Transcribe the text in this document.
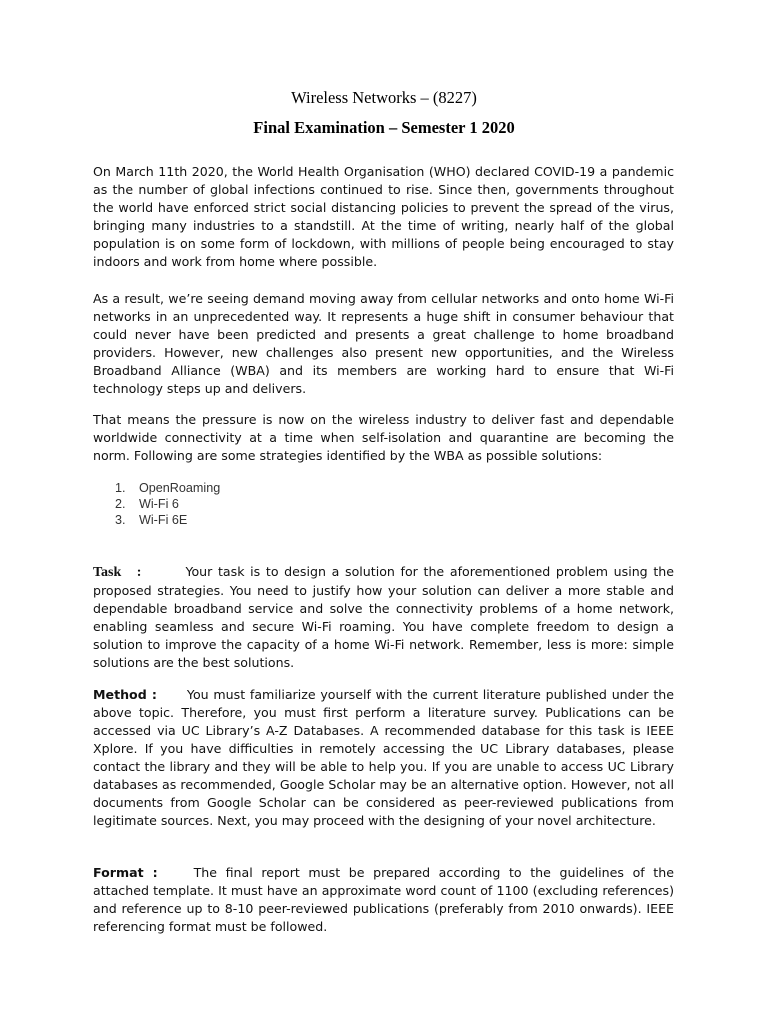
Wireless Networks – (8227)
Final Examination – Semester 1 2020

On March 11th 2020, the World Health Organisation (WHO) declared COVID-19 a pandemic as the number of global infections continued to rise. Since then, governments throughout the world have enforced strict social distancing policies to prevent the spread of the virus, bringing many industries to a standstill. At the time of writing, nearly half of the global population is on some form of lockdown, with millions of people being encouraged to stay indoors and work from home where possible.

As a result, we’re seeing demand moving away from cellular networks and onto home Wi-Fi networks in an unprecedented way. It represents a huge shift in consumer behaviour that could never have been predicted and presents a great challenge to home broadband providers. However, new challenges also present new opportunities, and the Wireless Broadband Alliance (WBA) and its members are working hard to ensure that Wi-Fi technology steps up and delivers.

That means the pressure is now on the wireless industry to deliver fast and dependable worldwide connectivity at a time when self-isolation and quarantine are becoming the norm. Following are some strategies identified by the WBA as possible solutions:

1. OpenRoaming
2. Wi-Fi 6
3. Wi-Fi 6E

Task   :	Your task is to design a solution for the aforementioned problem using the proposed strategies. You need to justify how your solution can deliver a more stable and dependable broadband service and solve the connectivity problems of a home network, enabling seamless and secure Wi-Fi roaming. You have complete freedom to design a solution to improve the capacity of a home Wi-Fi network. Remember, less is more: simple solutions are the best solutions.

Method : You must familiarize yourself with the current literature published under the above topic. Therefore, you must first perform a literature survey. Publications can be accessed via UC Library’s A-Z Databases. A recommended database for this task is IEEE Xplore. If you have difficulties in remotely accessing the UC Library databases, please contact the library and they will be able to help you. If you are unable to access UC Library databases as recommended, Google Scholar may be an alternative option. However, not all documents from Google Scholar can be considered as peer-reviewed publications from legitimate sources. Next, you may proceed with the designing of your novel architecture.

Format :	The final report must be prepared according to the guidelines of the attached template. It must have an approximate word count of 1100 (excluding references) and reference up to 8-10 peer-reviewed publications (preferably from 2010 onwards). IEEE referencing format must be followed.
